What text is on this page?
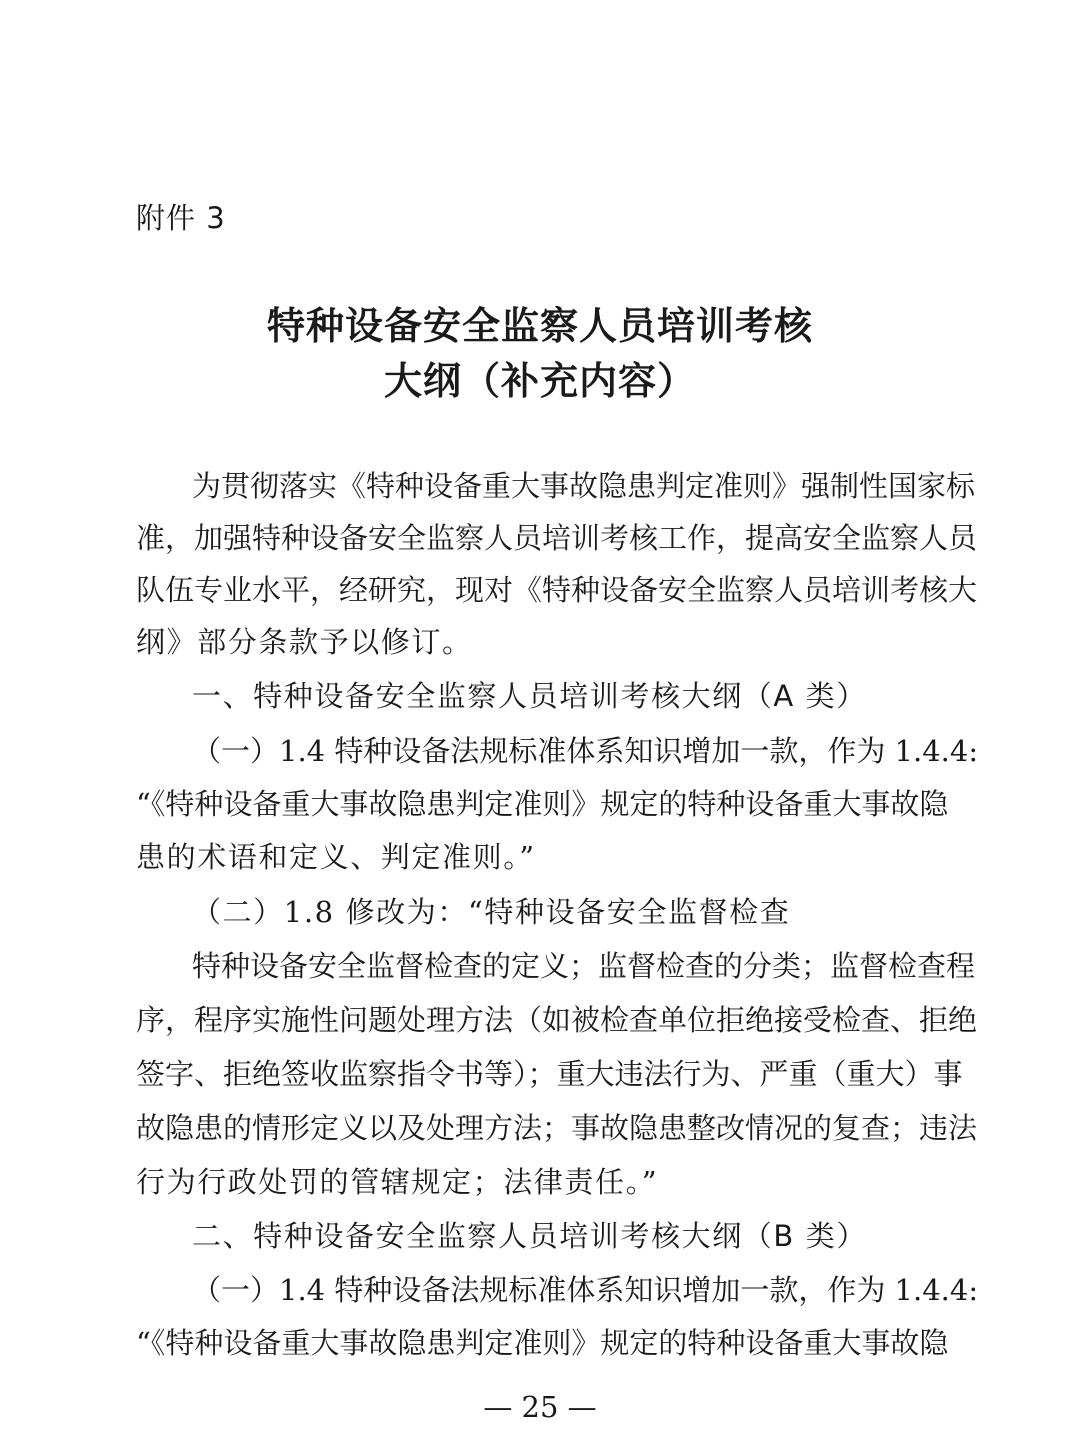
附件 3
特种设备安全监察人员培训考核
大纲（补充内容）
为贯彻落实《特种设备重大事故隐患判定准则》强制性国家标
准，加强特种设备安全监察人员培训考核工作，提高安全监察人员
队伍专业水平，经研究，现对《特种设备安全监察人员培训考核大
纲》部分条款予以修订。
一、特种设备安全监察人员培训考核大纲（A 类）
（一）1.4 特种设备法规标准体系知识增加一款，作为 1.4.4:
“《特种设备重大事故隐患判定准则》规定的特种设备重大事故隐
患的术语和定义、判定准则。”
（二）1.8 修改为：“特种设备安全监督检查
特种设备安全监督检查的定义；监督检查的分类；监督检查程
序，程序实施性问题处理方法（如被检查单位拒绝接受检查、拒绝
签字、拒绝签收监察指令书等）；重大违法行为、严重（重大）事
故隐患的情形定义以及处理方法；事故隐患整改情况的复查；违法
行为行政处罚的管辖规定；法律责任。”
二、特种设备安全监察人员培训考核大纲（B 类）
（一）1.4 特种设备法规标准体系知识增加一款，作为 1.4.4:
“《特种设备重大事故隐患判定准则》规定的特种设备重大事故隐
— 25 —
